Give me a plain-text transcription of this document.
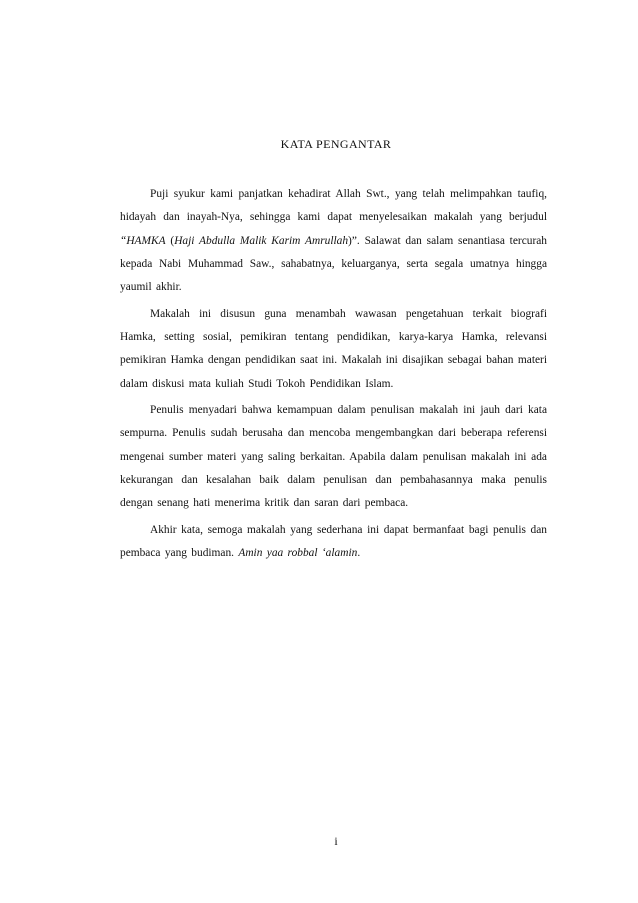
KATA PENGANTAR

Puji syukur kami panjatkan kehadirat Allah Swt., yang telah melimpahkan taufiq, hidayah dan inayah-Nya, sehingga kami dapat menyelesaikan makalah yang berjudul “HAMKA (Haji Abdulla Malik Karim Amrullah)”. Salawat dan salam senantiasa tercurah kepada Nabi Muhammad Saw., sahabatnya, keluarganya, serta segala umatnya hingga yaumil akhir.

Makalah ini disusun guna menambah wawasan pengetahuan terkait biografi Hamka, setting sosial, pemikiran tentang pendidikan, karya-karya Hamka, relevansi pemikiran Hamka dengan pendidikan saat ini. Makalah ini disajikan sebagai bahan materi dalam diskusi mata kuliah Studi Tokoh Pendidikan Islam.

Penulis menyadari bahwa kemampuan dalam penulisan makalah ini jauh dari kata sempurna. Penulis sudah berusaha dan mencoba mengembangkan dari beberapa referensi mengenai sumber materi yang saling berkaitan. Apabila dalam penulisan makalah ini ada kekurangan dan kesalahan baik dalam penulisan dan pembahasannya maka penulis dengan senang hati menerima kritik dan saran dari pembaca.

Akhir kata, semoga makalah yang sederhana ini dapat bermanfaat bagi penulis dan pembaca yang budiman. Amin yaa robbal ‘alamin.

i
